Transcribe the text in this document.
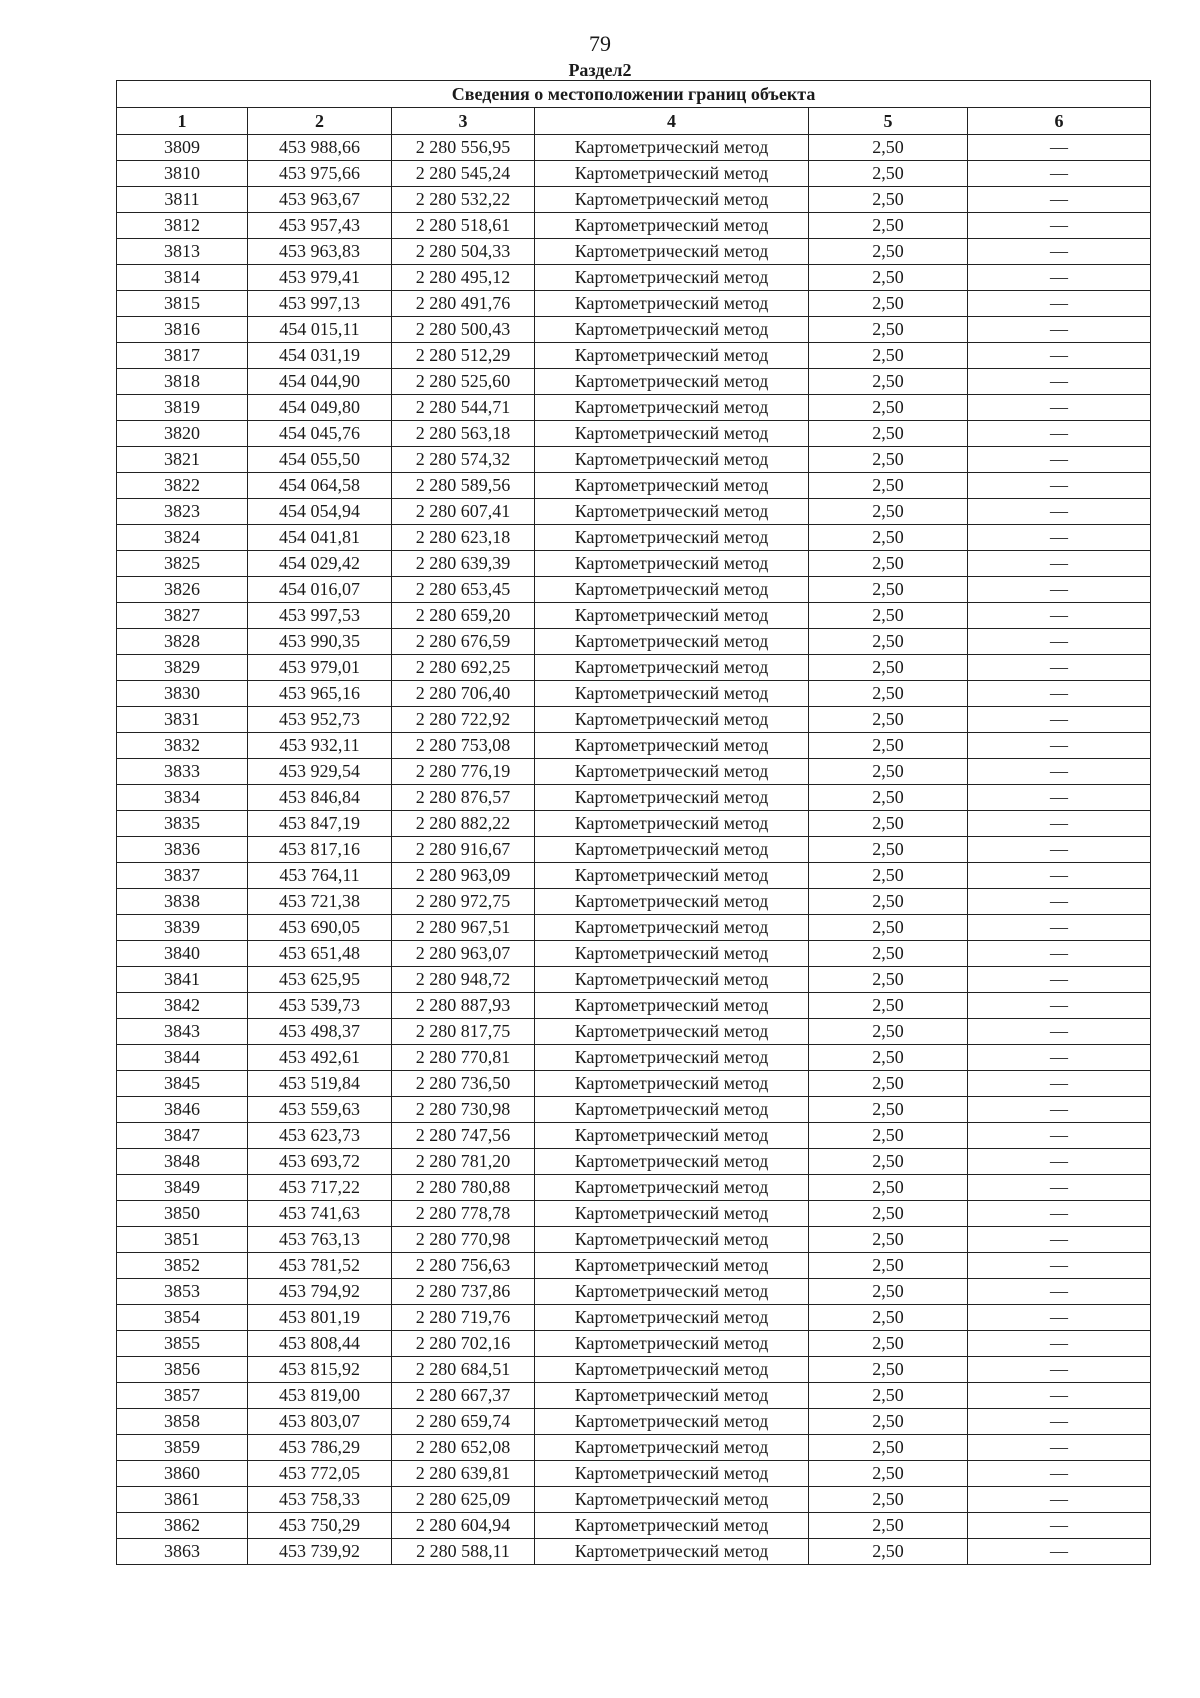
79
Раздел2
Сведения о местоположении границ объекта					
1	2	3	4	5	6
3809	453 988,66	2 280 556,95	Картометрический метод	2,50	—
3810	453 975,66	2 280 545,24	Картометрический метод	2,50	—
3811	453 963,67	2 280 532,22	Картометрический метод	2,50	—
3812	453 957,43	2 280 518,61	Картометрический метод	2,50	—
3813	453 963,83	2 280 504,33	Картометрический метод	2,50	—
3814	453 979,41	2 280 495,12	Картометрический метод	2,50	—
3815	453 997,13	2 280 491,76	Картометрический метод	2,50	—
3816	454 015,11	2 280 500,43	Картометрический метод	2,50	—
3817	454 031,19	2 280 512,29	Картометрический метод	2,50	—
3818	454 044,90	2 280 525,60	Картометрический метод	2,50	—
3819	454 049,80	2 280 544,71	Картометрический метод	2,50	—
3820	454 045,76	2 280 563,18	Картометрический метод	2,50	—
3821	454 055,50	2 280 574,32	Картометрический метод	2,50	—
3822	454 064,58	2 280 589,56	Картометрический метод	2,50	—
3823	454 054,94	2 280 607,41	Картометрический метод	2,50	—
3824	454 041,81	2 280 623,18	Картометрический метод	2,50	—
3825	454 029,42	2 280 639,39	Картометрический метод	2,50	—
3826	454 016,07	2 280 653,45	Картометрический метод	2,50	—
3827	453 997,53	2 280 659,20	Картометрический метод	2,50	—
3828	453 990,35	2 280 676,59	Картометрический метод	2,50	—
3829	453 979,01	2 280 692,25	Картометрический метод	2,50	—
3830	453 965,16	2 280 706,40	Картометрический метод	2,50	—
3831	453 952,73	2 280 722,92	Картометрический метод	2,50	—
3832	453 932,11	2 280 753,08	Картометрический метод	2,50	—
3833	453 929,54	2 280 776,19	Картометрический метод	2,50	—
3834	453 846,84	2 280 876,57	Картометрический метод	2,50	—
3835	453 847,19	2 280 882,22	Картометрический метод	2,50	—
3836	453 817,16	2 280 916,67	Картометрический метод	2,50	—
3837	453 764,11	2 280 963,09	Картометрический метод	2,50	—
3838	453 721,38	2 280 972,75	Картометрический метод	2,50	—
3839	453 690,05	2 280 967,51	Картометрический метод	2,50	—
3840	453 651,48	2 280 963,07	Картометрический метод	2,50	—
3841	453 625,95	2 280 948,72	Картометрический метод	2,50	—
3842	453 539,73	2 280 887,93	Картометрический метод	2,50	—
3843	453 498,37	2 280 817,75	Картометрический метод	2,50	—
3844	453 492,61	2 280 770,81	Картометрический метод	2,50	—
3845	453 519,84	2 280 736,50	Картометрический метод	2,50	—
3846	453 559,63	2 280 730,98	Картометрический метод	2,50	—
3847	453 623,73	2 280 747,56	Картометрический метод	2,50	—
3848	453 693,72	2 280 781,20	Картометрический метод	2,50	—
3849	453 717,22	2 280 780,88	Картометрический метод	2,50	—
3850	453 741,63	2 280 778,78	Картометрический метод	2,50	—
3851	453 763,13	2 280 770,98	Картометрический метод	2,50	—
3852	453 781,52	2 280 756,63	Картометрический метод	2,50	—
3853	453 794,92	2 280 737,86	Картометрический метод	2,50	—
3854	453 801,19	2 280 719,76	Картометрический метод	2,50	—
3855	453 808,44	2 280 702,16	Картометрический метод	2,50	—
3856	453 815,92	2 280 684,51	Картометрический метод	2,50	—
3857	453 819,00	2 280 667,37	Картометрический метод	2,50	—
3858	453 803,07	2 280 659,74	Картометрический метод	2,50	—
3859	453 786,29	2 280 652,08	Картометрический метод	2,50	—
3860	453 772,05	2 280 639,81	Картометрический метод	2,50	—
3861	453 758,33	2 280 625,09	Картометрический метод	2,50	—
3862	453 750,29	2 280 604,94	Картометрический метод	2,50	—
3863	453 739,92	2 280 588,11	Картометрический метод	2,50	—
